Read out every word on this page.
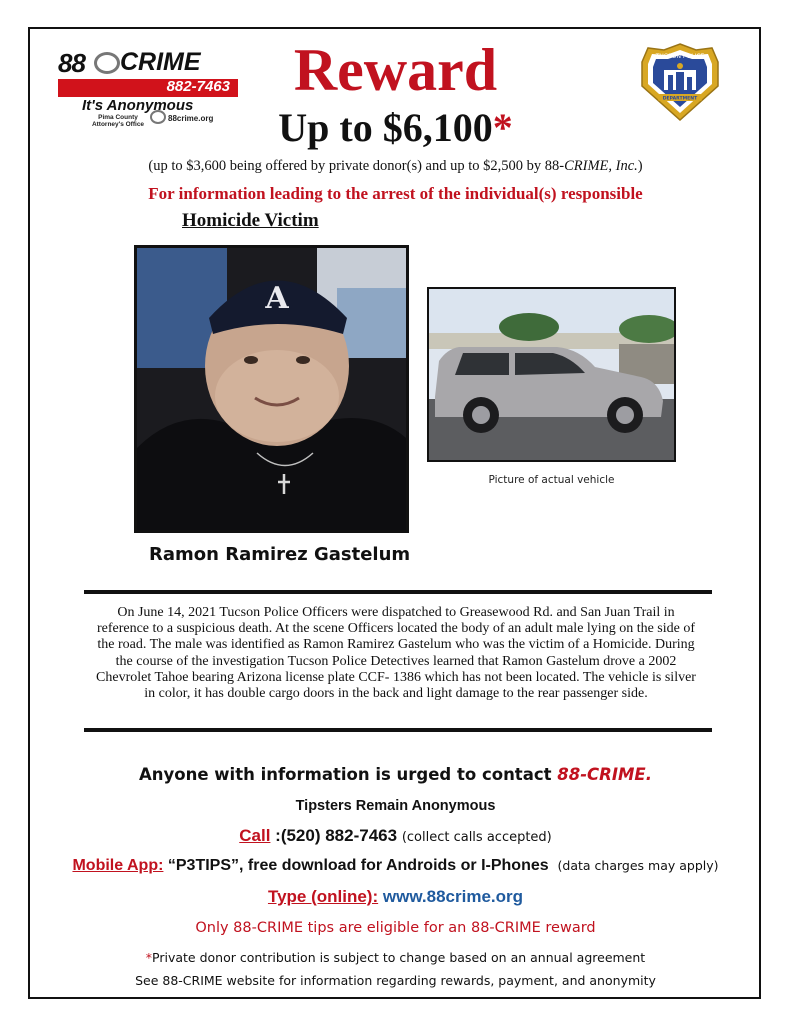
88 CRIME
882-7463
It's Anonymous
Pima County Attorney's Office
88crime.org
TUCSON POLICE
DEPARTMENT
Reward
Up to $6,100*
(up to $3,600 being offered by private donor(s) and up to $2,500 by 88-CRIME, Inc.)
For information leading to the arrest of the individual(s) responsible
Homicide Victim
A
Picture of actual vehicle
Ramon Ramirez Gastelum
On June 14, 2021 Tucson Police Officers were dispatched to Greasewood Rd. and San Juan Trail in reference to a suspicious death. At the scene Officers located the body of an adult male lying on the side of the road. The male was identified as Ramon Ramirez Gastelum who was the victim of a Homicide. During the course of the investigation Tucson Police Detectives learned that Ramon Gastelum drove a 2002 Chevrolet Tahoe bearing Arizona license plate CCF- 1386 which has not been located. The vehicle is silver in color, it has double cargo doors in the back and light damage to the rear passenger side.
Anyone with information is urged to contact 88-CRIME.
Tipsters Remain Anonymous
Call :(520) 882-7463 (collect calls accepted)
Mobile App: “P3TIPS”, free download for Androids or I-Phones (data charges may apply)
Type (online): www.88crime.org
Only 88-CRIME tips are eligible for an 88-CRIME reward
*Private donor contribution is subject to change based on an annual agreement
See 88-CRIME website for information regarding rewards, payment, and anonymity
